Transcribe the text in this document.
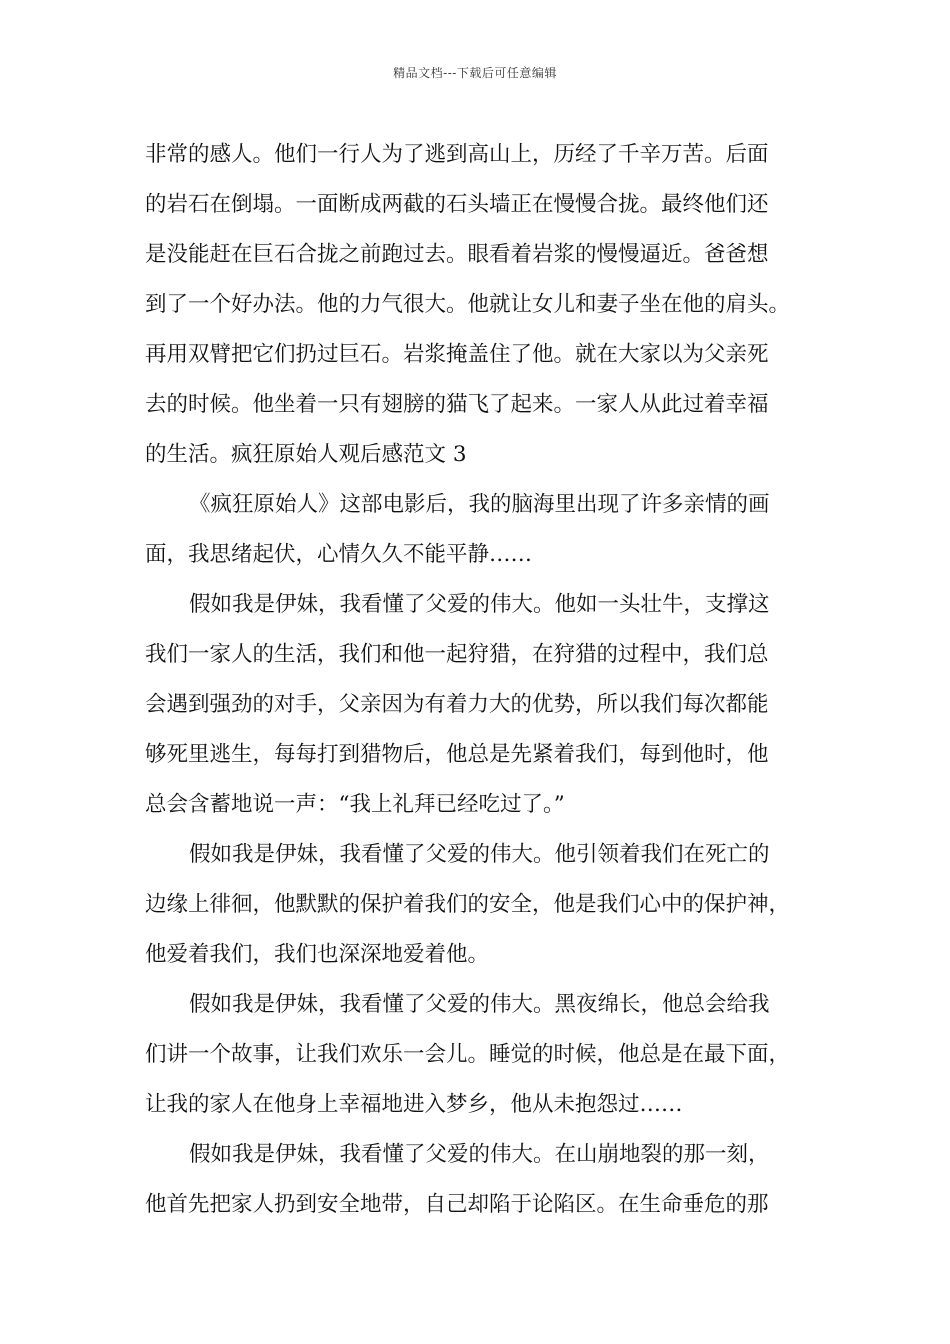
精品文档---下载后可任意编辑
非常的感人。他们一行人为了逃到高山上，历经了千辛万苦。后面
的岩石在倒塌。一面断成两截的石头墙正在慢慢合拢。最终他们还
是没能赶在巨石合拢之前跑过去。眼看着岩浆的慢慢逼近。爸爸想
到了一个好办法。他的力气很大。他就让女儿和妻子坐在他的肩头。
再用双臂把它们扔过巨石。岩浆掩盖住了他。就在大家以为父亲死
去的时候。他坐着一只有翅膀的猫飞了起来。一家人从此过着幸福
的生活。疯狂原始人观后感范文 3
《疯狂原始人》这部电影后，我的脑海里出现了许多亲情的画
面，我思绪起伏，心情久久不能平静……
假如我是伊妹，我看懂了父爱的伟大。他如一头壮牛，支撑这
我们一家人的生活，我们和他一起狩猎，在狩猎的过程中，我们总
会遇到强劲的对手，父亲因为有着力大的优势，所以我们每次都能
够死里逃生，每每打到猎物后，他总是先紧着我们，每到他时，他
总会含蓄地说一声：“我上礼拜已经吃过了。”
假如我是伊妹，我看懂了父爱的伟大。他引领着我们在死亡的
边缘上徘徊，他默默的保护着我们的安全，他是我们心中的保护神，
他爱着我们，我们也深深地爱着他。
假如我是伊妹，我看懂了父爱的伟大。黑夜绵长，他总会给我
们讲一个故事，让我们欢乐一会儿。睡觉的时候，他总是在最下面，
让我的家人在他身上幸福地进入梦乡，他从未抱怨过……
假如我是伊妹，我看懂了父爱的伟大。在山崩地裂的那一刻，
他首先把家人扔到安全地带，自己却陷于论陷区。在生命垂危的那
